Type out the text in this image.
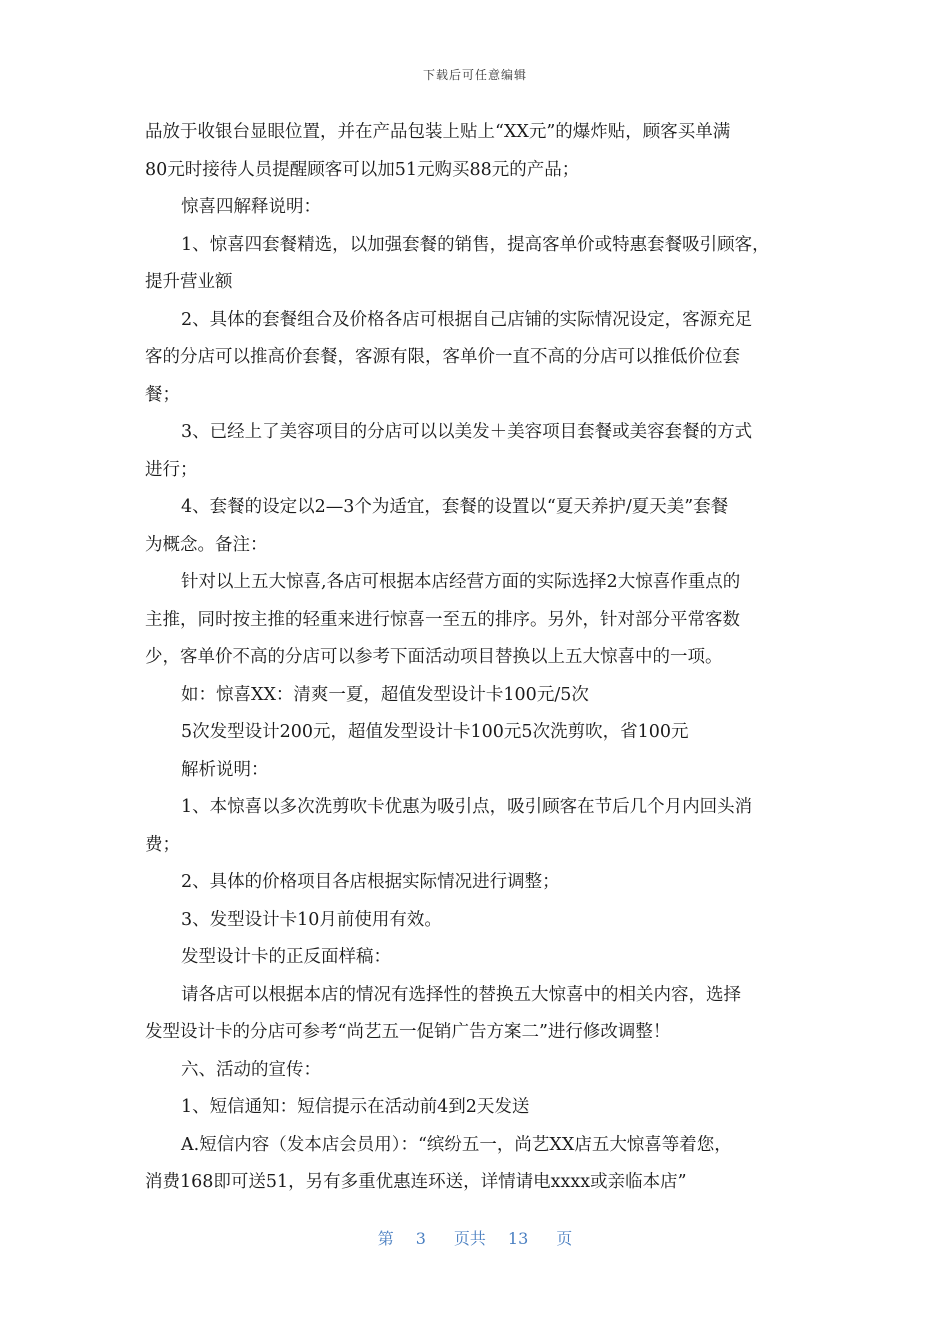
下载后可任意编辑

品放于收银台显眼位置，并在产品包装上贴上“XX元”的爆炸贴，顾客买单满

80元时接待人员提醒顾客可以加51元购买88元的产品；

惊喜四解释说明：

1、惊喜四套餐精选，以加强套餐的销售，提高客单价或特惠套餐吸引顾客，

提升营业额

2、具体的套餐组合及价格各店可根据自己店铺的实际情况设定，客源充足

客的分店可以推高价套餐，客源有限，客单价一直不高的分店可以推低价位套

餐；

3、已经上了美容项目的分店可以以美发＋美容项目套餐或美容套餐的方式

进行；

4、套餐的设定以2—3个为适宜，套餐的设置以“夏天养护/夏天美”套餐

为概念。备注：

针对以上五大惊喜,各店可根据本店经营方面的实际选择2大惊喜作重点的

主推，同时按主推的轻重来进行惊喜一至五的排序。另外，针对部分平常客数

少，客单价不高的分店可以参考下面活动项目替换以上五大惊喜中的一项。

如：惊喜XX：清爽一夏，超值发型设计卡100元/5次

5次发型设计200元，超值发型设计卡100元5次洗剪吹，省100元

解析说明：

1、本惊喜以多次洗剪吹卡优惠为吸引点，吸引顾客在节后几个月内回头消

费；

2、具体的价格项目各店根据实际情况进行调整；

3、发型设计卡10月前使用有效。

发型设计卡的正反面样稿：

请各店可以根据本店的情况有选择性的替换五大惊喜中的相关内容，选择

发型设计卡的分店可参考“尚艺五一促销广告方案二”进行修改调整！

六、活动的宣传：

1、短信通知：短信提示在活动前4到2天发送

A.短信内容（发本店会员用）：“缤纷五一，尚艺XX店五大惊喜等着您，

消费168即可送51，另有多重优惠连环送，详情请电xxxx或亲临本店”

第 3 页共 13 页
